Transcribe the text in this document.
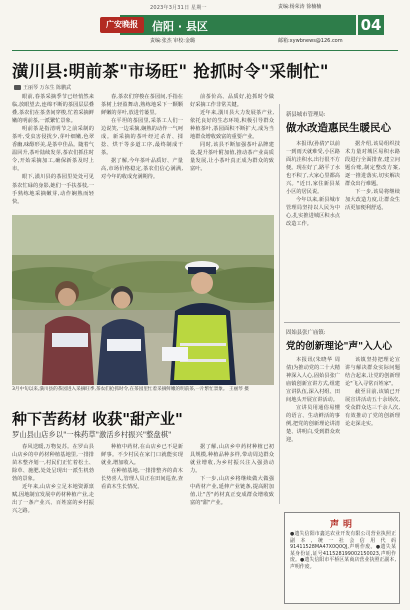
2023年3月31日 星期一	责编:杨荣涛 徐楠楠
广安晚报	信阳 · 县区	04
责编:张杰 审校:金璐	邮箱:xywbnews@126.com
潢川县:明前茶"市场旺" 抢抓时令"采制忙"
王丽琴 万东生 陈鹏武

眼前,春茶采摘季节已经悄然来临,放眼望去,连绵不断的茶园层层叠叠,茶农们在茶垄间穿梭,忙着采摘鲜嫩的明前茶,一派繁忙景象。

明前茶是指清明节之前采制的茶叶,受虫害侵扰少,芽叶细嫩,色翠香幽,味醇形美,是茶中佳品。随着气温回升,茶叶陆续发芽,茶农们抓住时令,开始采摘加工,确保新茶及时上市。

眼下,潢川县的茶园里处处可见茶农忙碌的身影,她们一手扶茶枝,一手熟练地采摘嫩芽,动作娴熟而轻快。

春,茶农们穿梭在茶园间,手指在茶树上轻盈舞动,熟练地采下一颗颗鲜嫩的芽叶,放进竹篓里。

在平坦的茶园里,采茶工人们一边说笑,一边采摘,娴熟的动作一气呵成。新采摘的茶叶经过杀青、揉捻、烘干等多道工序,最终制成干茶。

据了解,今年茶叶品质好、产量高,市场价格稳定,茶农们信心满满,对今年的收成充满期待。

前茶价高、品质好,抢抓时令做好采摘工作非常关键。

近年来,潢川县大力发展茶产业,依托良好的生态环境,积极引导群众种植茶叶,茶园面积不断扩大,成为当地群众增收致富的重要产业。

同时,该县不断加强茶叶品牌建设,提升茶叶附加值,推动茶产业高质量发展,让小茶叶真正成为群众的致富叶。

3月中旬以来,潢川县的茶园进入采摘旺季,茶农们抢抓时令,在茶园里忙着采摘鲜嫩的明前茶,一片繁忙景象。 王丽琴 摄
种下苦药材 收获"甜产业"
罗山县山店乡以"一株药草"激活乡村振兴"整盘棋"

春风送暖,万物复苏。在罗山县山店乡的中药材种植基地里,一排排苗木整齐划一,村民们正忙着松土、除草、施肥,处处呈现出一派生机勃勃的景象。

近年来,山店乡立足本地资源禀赋,因地制宜发展中药材种植产业,走出了一条产业兴、百姓富的乡村振兴之路。

种植中药材,在山店乡已不是新鲜事。不少村民在家门口就能实现就业,增加收入。

在种植基地,一排排整齐的苗木长势喜人,管理人员正在田间巡查,查看苗木生长情况。

据了解,山店乡中药材种植已初具规模,种植品种多样,带动周边群众就业增收,为乡村振兴注入强劲动力。

下一步,山店乡将继续做大做强中药材产业,延伸产业链条,提高附加值,让"苦"药材真正变成群众增收致富的"甜"产业。

新县城市管理局:
做水改造惠民生暖民心

本报讯(孙倩)"以前一到雨天就难受,小区路面坑洼积水,出行很不方便。现在好了,路平了水也不积了,大家心里都高兴。"近日,家住新县某小区的居民说。

今年以来,新县城市管理局坚持以人民为中心,扎实推进城区积水点改造工作。

据介绍,该局组织技术力量对城区易积水路段进行全面排查,建立问题台账,制定整改方案,逐一推进落实,切实解决群众出行难题。

下一步,该局将继续加大改造力度,让群众生活更加便利舒适。

固始县张广庙镇:
党的创新理论"声"入人心

本报讯(朱晓华 周倩)为推动党的二十大精神深入人心,固始县张广庙镇创新宣讲方式,组建宣讲队伍,深入村组、田间地头开展宣讲活动。

宣讲员用通俗易懂的语言、生动鲜活的事例,把党的创新理论讲清楚、讲明白,受到群众欢迎。

该镇坚持把理论宣讲与解决群众实际问题结合起来,让党的创新理论"飞入寻常百姓家"。

截至目前,该镇已开展宣讲活动五十余场次,受众群众达三千余人次,有效推动了党的创新理论走深走实。

声明
●遗失信阳市鑫达农业开发有限公司营业执照正副本,统一社会信用代码91411528MA47X0Q0QJ,声明作废。●遗失某某身份证,证号411528199002150023,声明作废。●遗失信阳市平桥区某商店营业执照正副本,声明作废。
